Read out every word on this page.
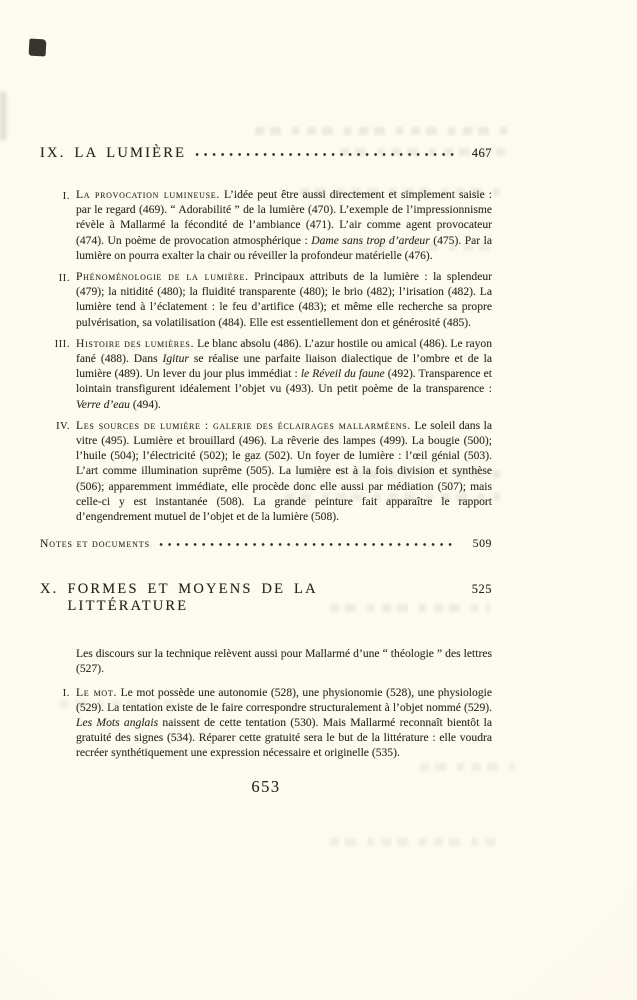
IX. LA LUMIÈRE	467
I. La provocation lumineuse. L’idée peut être aussi directement et simplement saisie : par le regard (469). “ Adorabilité ” de la lumière (470). L’exemple de l’impressionnisme révèle à Mallarmé la fécondité de l’ambiance (471). L’air comme agent provocateur (474). Un poème de provocation atmosphérique : Dame sans trop d’ardeur (475). Par la lumière on pourra exalter la chair ou réveiller la profondeur matérielle (476).

II. Phénoménologie de la lumière. Principaux attributs de la lumière : la splendeur (479); la nitidité (480); la fluidité transparente (480); le brio (482); l’irisation (482). La lumière tend à l’éclatement : le feu d’artifice (483); et même elle recherche sa propre pulvérisation, sa volatilisation (484). Elle est essentiellement don et générosité (485).

III. Histoire des lumières. Le blanc absolu (486). L’azur hostile ou amical (486). Le rayon fané (488). Dans Igitur se réalise une parfaite liaison dialectique de l’ombre et de la lumière (489). Un lever du jour plus immédiat : le Réveil du faune (492). Transparence et lointain transfigurent idéalement l’objet vu (493). Un petit poème de la transparence : Verre d’eau (494).

IV. Les sources de lumière : galerie des éclairages mallarméens. Le soleil dans la vitre (495). Lumière et brouillard (496). La rêverie des lampes (499). La bougie (500); l’huile (504); l’électricité (502); le gaz (502). Un foyer de lumière : l’œil génial (503). L’art comme illumination suprême (505). La lumière est à la fois division et synthèse (506); apparemment immédiate, elle procède donc elle aussi par médiation (507); mais celle-ci y est instantanée (508). La grande peinture fait apparaître le rapport d’engendrement mutuel de l’objet et de la lumière (508).

Notes et documents	509
X. FORMES ET MOYENS DE LA LITTÉRATURE
525

Les discours sur la technique relèvent aussi pour Mallarmé d’une “ théologie ” des lettres (527).

I. Le mot. Le mot possède une autonomie (528), une physionomie (528), une physiologie (529). La tentation existe de le faire correspondre structuralement à l’objet nommé (529). Les Mots anglais naissent de cette tentation (530). Mais Mallarmé reconnaît bientôt la gratuité des signes (534). Réparer cette gratuité sera le but de la littérature : elle voudra recréer synthétiquement une expression nécessaire et originelle (535).

653
